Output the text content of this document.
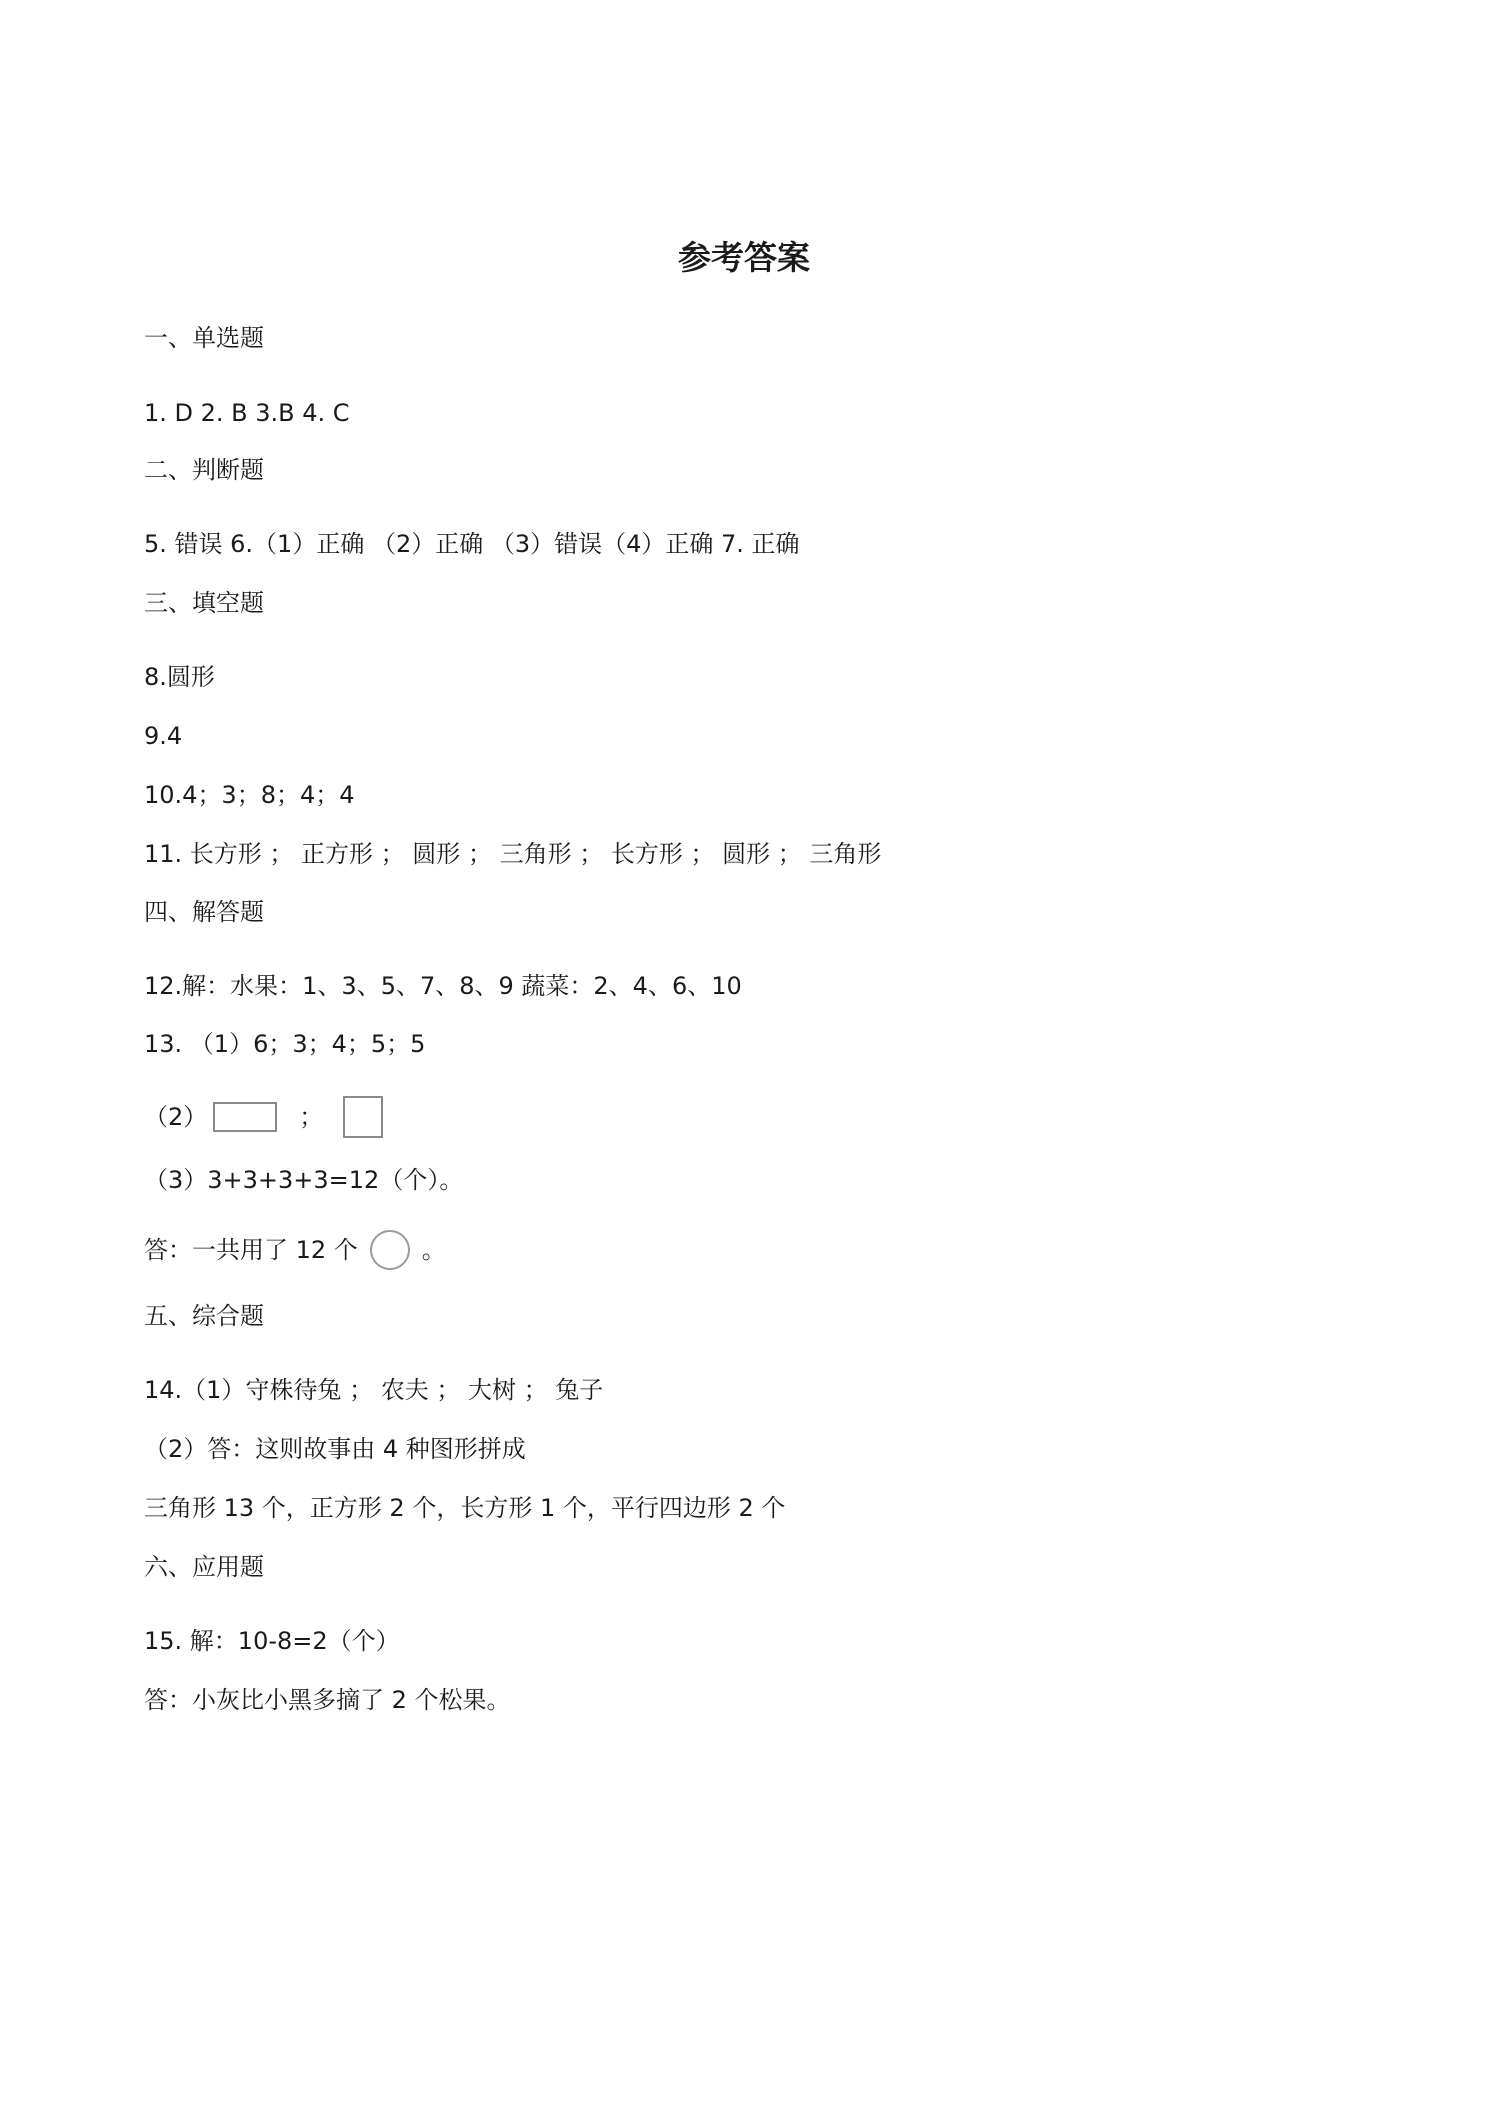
参考答案
一、单选题
1. D 2. B 3.B 4. C
二、判断题
5. 错误 6.（1）正确 （2）正确 （3）错误（4）正确 7. 正确
三、填空题
8.圆形
9.4
10.4；3；8；4；4
11. 长方形 ； 正方形 ； 圆形 ； 三角形 ； 长方形 ； 圆形 ； 三角形
四、解答题
12.解：水果：1、3、5、7、8、9 蔬菜：2、4、6、10
13. （1）6；3；4；5；5
（2）	；
（3）3+3+3+3=12（个）。
答：一共用了 12 个	。
五、综合题
14.（1）守株待兔 ； 农夫 ； 大树 ； 兔子
（2）答：这则故事由 4 种图形拼成
三角形 13 个，正方形 2 个，长方形 1 个，平行四边形 2 个
六、应用题
15. 解：10-8=2（个）
答：小灰比小黑多摘了 2 个松果。
